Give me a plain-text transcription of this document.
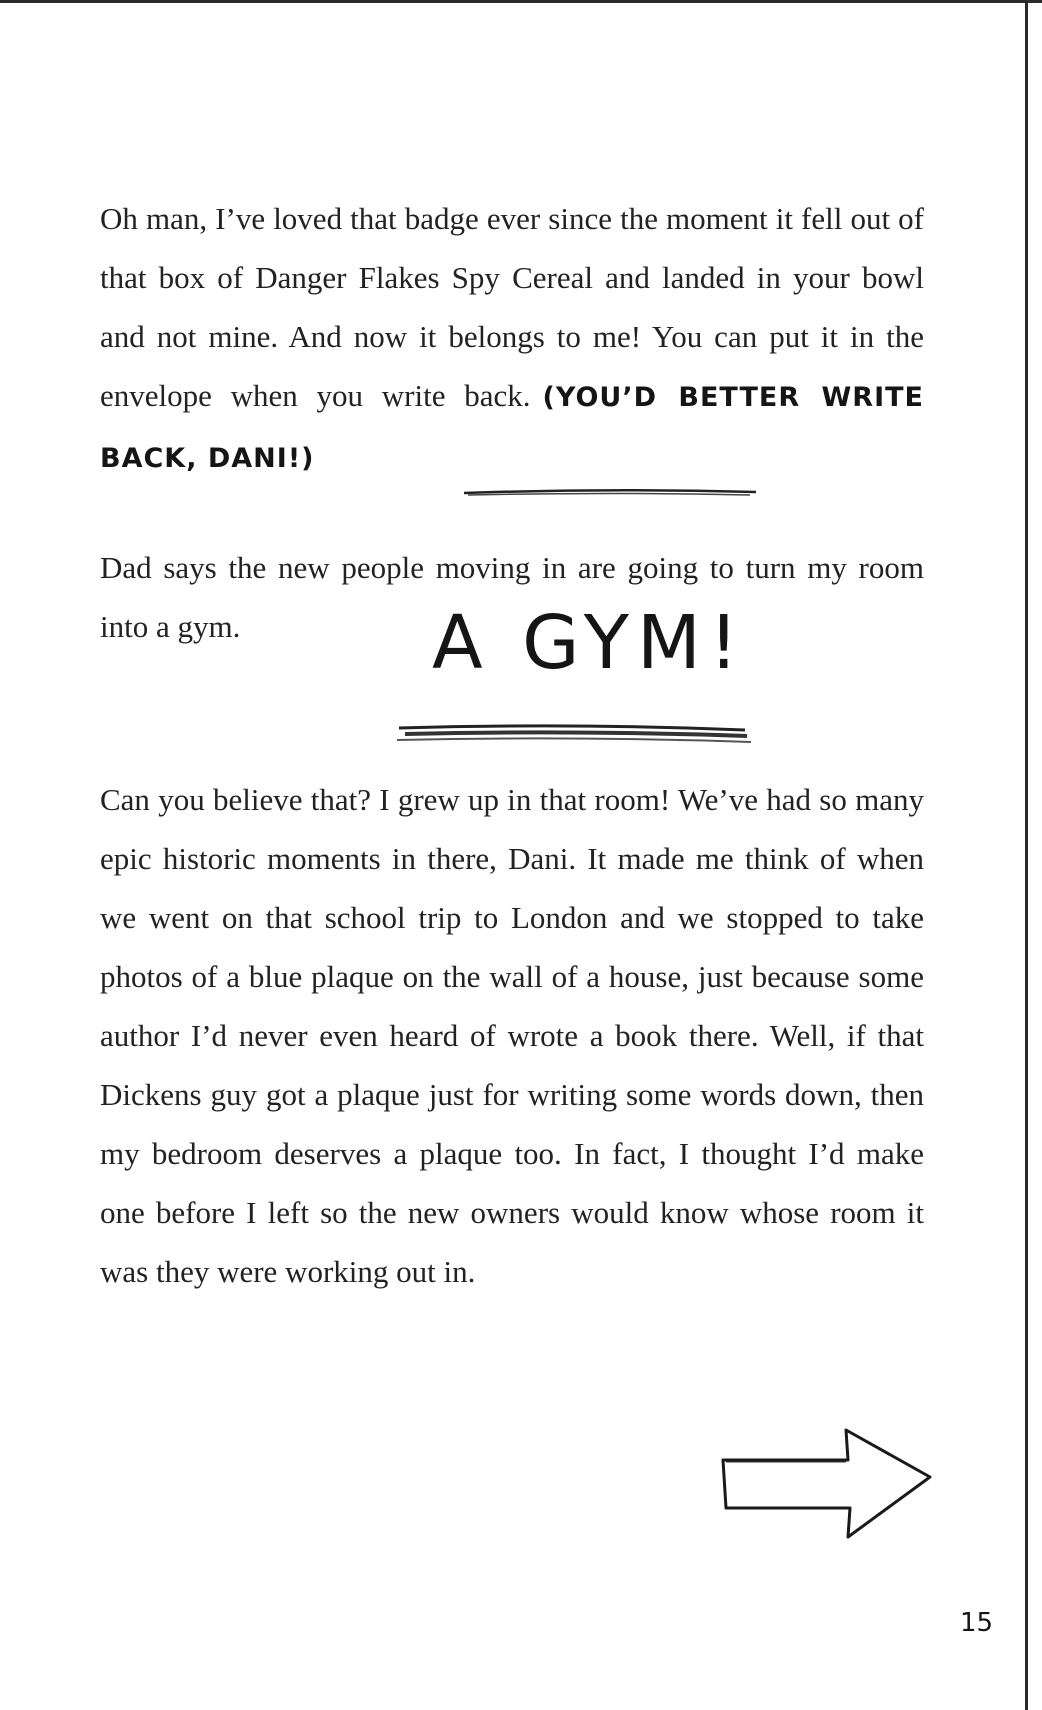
Oh man, I’ve loved that badge ever since the moment it fell out of that box of Danger Flakes Spy Cereal and landed in your bowl and not mine. And now it belongs to me! You can put it in the envelope when you write back. (YOU’D BETTER WRITE BACK, DANI!)

Dad says the new people moving in are going to turn my room into a gym.	A GYM!

Can you believe that? I grew up in that room! We’ve had so many epic historic moments in there, Dani. It made me think of when we went on that school trip to London and we stopped to take photos of a blue plaque on the wall of a house, just because some author I’d never even heard of wrote a book there. Well, if that Dickens guy got a plaque just for writing some words down, then my bedroom deserves a plaque too. In fact, I thought I’d make one before I left so the new owners would know whose room it was they were working out in.

15
